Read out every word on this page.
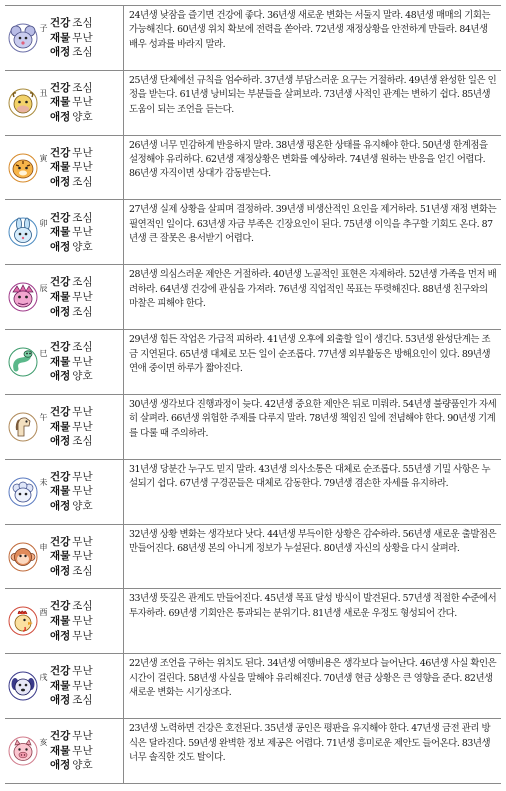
子 건강 조심
재물 무난
애정 조심
24년생 낮잠을 즐기면 건강에 좋다. 36년생 새로운 변화는 서둘지 말라. 48년생 매매의 기회는 가능해진다. 60년생 위치 확보에 전력을 쏟아라. 72년생 재정상황을 안전하게 만들라. 84년생 배우 성과를 바라지 말라.
丑 건강 조심
재물 무난
애정 양호
25년생 단체에선 규칙을 엄수하라. 37년생 부담스러운 요구는 거절하라. 49년생 완성한 일은 인정을 받는다. 61년생 낭비되는 부분들을 살펴보라. 73년생 사적인 관계는 변하기 쉽다. 85년생 도움이 되는 조언을 듣는다.
寅 건강 무난
재물 무난
애정 조심
26년생 너무 민감하게 반응하지 말라. 38년생 평온한 상태를 유지해야 한다. 50년생 한계점을 설정해야 유리하다. 62년생 재정상황은 변화를 예상하라. 74년생 원하는 반응을 얻긴 어렵다. 86년생 자직이면 상대가 감동받는다.
卯 건강 조심
재물 무난
애정 양호
27년생 실제 상황을 살피며 결정하라. 39년생 비생산적인 요인을 제거하라. 51년생 재정 변화는 필연적인 일이다. 63년생 자금 부족은 긴장요인이 된다. 75년생 이익을 추구할 기회도 온다. 87년생 큰 잘못은 용서받기 어렵다.
辰 건강 조심
재물 무난
애정 조심
28년생 의심스러운 제안은 거절하라. 40년생 노골적인 표현은 자제하라. 52년생 가족을 먼저 배려하라. 64년생 건강에 관심을 가져라. 76년생 직업적인 목표는 뚜렷해진다. 88년생 친구와의 마찰은 피해야 한다.
巳 건강 조심
재물 무난
애정 양호
29년생 힘든 작업은 가급적 피하라. 41년생 오후에 외출할 일이 생긴다. 53년생 완성단계는 조금 지연된다. 65년생 대체로 모든 일이 순조롭다. 77년생 외부활동은 방해요인이 있다. 89년생 연애 중이면 하루가 짧아진다.
午 건강 무난
재물 무난
애정 조심
30년생 생각보다 진행과정이 늦다. 42년생 중요한 제안은 뒤로 미뤄라. 54년생 불량품인가 자세히 살펴라. 66년생 위험한 주제를 다루지 말라. 78년생 책임진 일에 전념해야 한다. 90년생 기계를 다룰 때 주의하라.
未 건강 무난
재물 무난
애정 양호
31년생 당분간 누구도 믿지 말라. 43년생 의사소통은 대체로 순조롭다. 55년생 기밀 사항은 누설되기 쉽다. 67년생 구경꾼들은 대체로 감동한다. 79년생 겸손한 자세를 유지하라.
申 건강 무난
재물 무난
애정 조심
32년생 상황 변화는 생각보다 낫다. 44년생 부득이한 상황은 감수하라. 56년생 새로운 출발점은 만들어진다. 68년생 본의 아니게 정보가 누설된다. 80년생 자신의 상황을 다시 살펴라.
酉 건강 조심
재물 무난
애정 무난
33년생 뜻깊은 관계도 만들어진다. 45년생 목표 달성 방식이 발견된다. 57년생 적절한 수준에서 투자하라. 69년생 기회안은 통과되는 분위기다. 81년생 새로운 우정도 형성되어 간다.
戌 건강 무난
재물 무난
애정 조심
22년생 조언을 구하는 위치도 된다. 34년생 여행비용은 생각보다 늘어난다. 46년생 사실 확인은 시간이 걸린다. 58년생 사실을 말해야 유리해진다. 70년생 현금 상황은 큰 영향을 준다. 82년생 새로운 변화는 시기상조다.
亥 건강 무난
재물 무난
애정 양호
23년생 노력하면 건강은 호전된다. 35년생 공인은 평판을 유지해야 한다. 47년생 금전 관리 방식은 달라진다. 59년생 완벽한 정보 제공은 어렵다. 71년생 흥미로운 제안도 들어온다. 83년생 너무 솔직한 것도 탈이다.
